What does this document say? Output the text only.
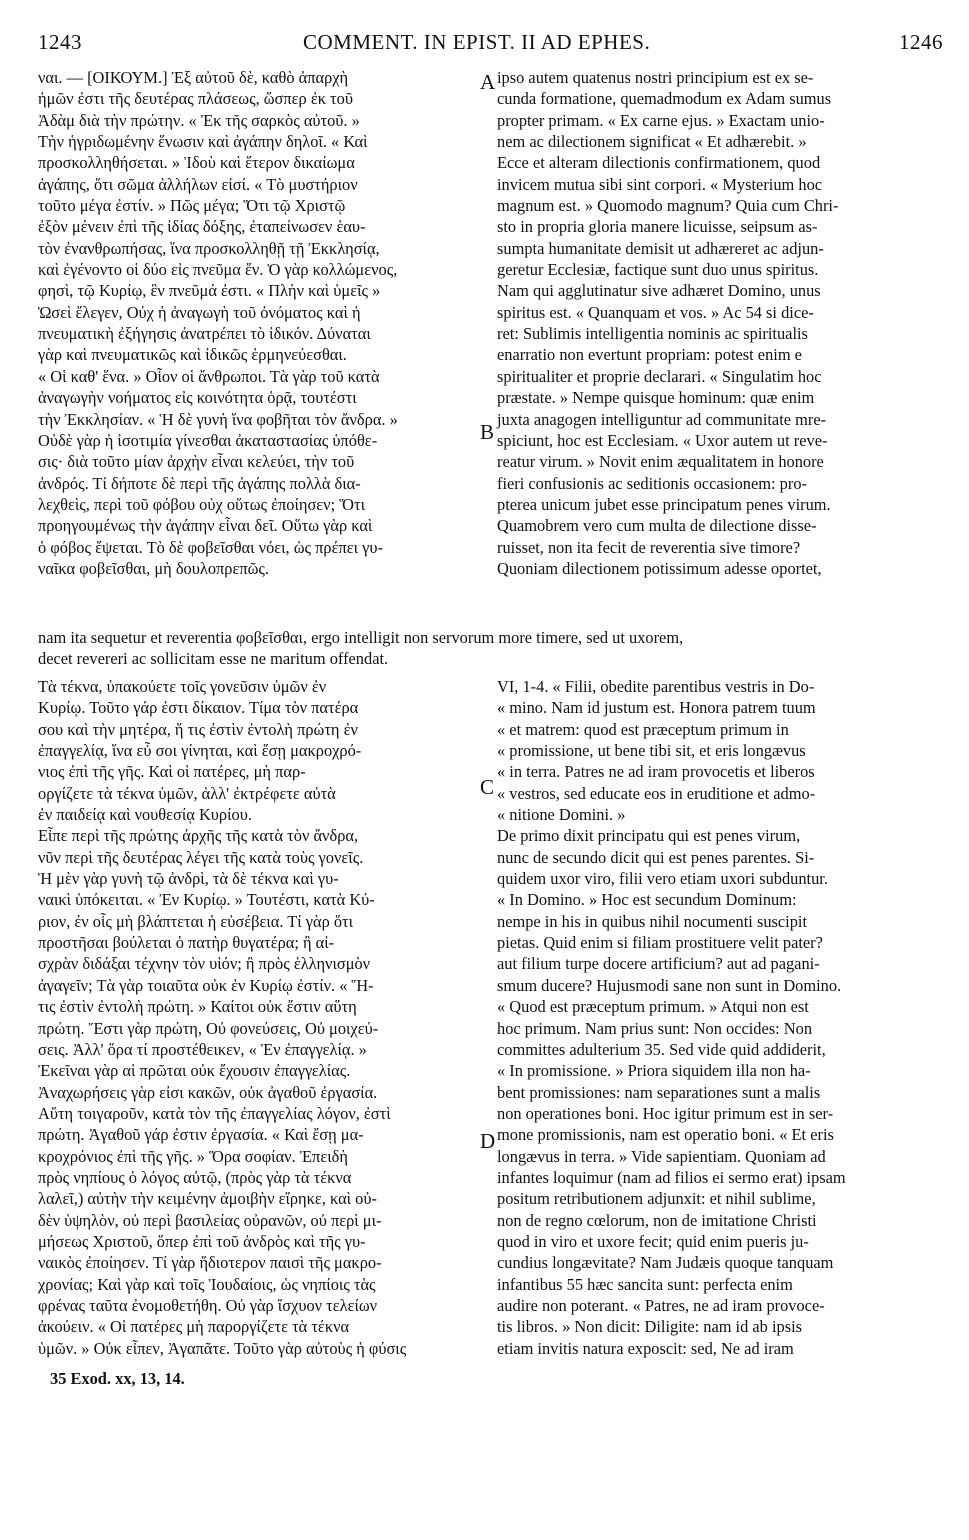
1243	COMMENT. IN EPIST. II AD EPHES.	1246
ναι. — [ΟΙΚΟΥΜ.] Ἐξ αὐτοῦ δὲ, καθὸ ἀπαρχὴ
ἡμῶν ἐστι τῆς δευτέρας πλάσεως, ὥσπερ ἐκ τοῦ
Ἀδὰμ διὰ τὴν πρώτην. « Ἐκ τῆς σαρκὸς αὐτοῦ. »
Τὴν ἡγριδωμένην ἕνωσιν καὶ ἀγάπην δηλοῖ. « Καὶ
προσκολληθήσεται. » Ἰδοὺ καὶ ἕτερον δικαίωμα
ἀγάπης, ὅτι σῶμα ἀλλήλων εἰσί. « Τὸ μυστήριον
τοῦτο μέγα ἐστίν. » Πῶς μέγα; Ὅτι τῷ Χριστῷ
ἐξὸν μένειν ἐπὶ τῆς ἰδίας δόξης, ἐταπείνωσεν ἑαυ-
τὸν ἐνανθρωπήσας, ἵνα προσκολληθῇ τῇ Ἐκκλησίᾳ,
καὶ ἐγένοντο οἱ δύο εἰς πνεῦμα ἕν. Ὁ γὰρ κολλώμενος,
φησὶ, τῷ Κυρίῳ, ἓν πνεῦμά ἐστι. « Πλὴν καὶ ὑμεῖς »
Ὡσεὶ ἔλεγεν, Οὐχ ἡ ἀναγωγὴ τοῦ ὀνόματος καὶ ἡ
πνευματικὴ ἐξήγησις ἀνατρέπει τὸ ἰδικόν. Δύναται
γὰρ καὶ πνευματικῶς καὶ ἰδικῶς ἑρμηνεύεσθαι.
« Οἱ καθ' ἕνα. » Οἷον οἱ ἄνθρωποι. Τὰ γὰρ τοῦ κατὰ
ἀναγωγὴν νοήματος εἰς κοινότητα ὁρᾷ, τουτέστι
τὴν Ἐκκλησίαν. « Ἡ δὲ γυνὴ ἵνα φοβῆται τὸν ἄνδρα. »
Οὐδὲ γὰρ ἡ ἰσοτιμία γίνεσθαι ἀκαταστασίας ὑπόθε-
σις· διὰ τοῦτο μίαν ἀρχὴν εἶναι κελεύει, τὴν τοῦ
ἀνδρός. Τί δήποτε δὲ περὶ τῆς ἀγάπης πολλὰ δια-
λεχθεὶς, περὶ τοῦ φόβου οὐχ οὕτως ἐποίησεν; Ὅτι
προηγουμένως τὴν ἀγάπην εἶναι δεῖ. Οὕτω γὰρ καὶ
ὁ φόβος ἕψεται. Τὸ δὲ φοβεῖσθαι νόει, ὡς πρέπει γυ-
ναῖκα φοβεῖσθαι, μὴ δουλοπρεπῶς.
ipso autem quatenus nostri principium est ex se-
cunda formatione, quemadmodum ex Adam sumus
propter primam. « Ex carne ejus. » Exactam unio-
nem ac dilectionem significat « Et adhærebit. »
Ecce et alteram dilectionis confirmationem, quod
invicem mutua sibi sint corpori. « Mysterium hoc
magnum est. » Quomodo magnum? Quia cum Chri-
sto in propria gloria manere licuisse, seipsum as-
sumpta humanitate demisit ut adhæreret ac adjun-
geretur Ecclesiæ, factique sunt duo unus spiritus.
Nam qui agglutinatur sive adhæret Domino, unus
spiritus est. « Quanquam et vos. » Ac 54 si dice-
ret: Sublimis intelligentia nominis ac spiritualis
enarratio non evertunt propriam: potest enim e
spiritualiter et proprie declarari. « Singulatim hoc
præstate. » Nempe quisque hominum: quæ enim
juxta anagogen intelliguntur ad communitate mre-
spiciunt, hoc est Ecclesiam. « Uxor autem ut reve-
reatur virum. » Novit enim æqualitatem in honore
fieri confusionis ac seditionis occasionem: pro-
pterea unicum jubet esse principatum penes virum.
Quamobrem vero cum multa de dilectione disse-
ruisset, non ita fecit de reverentia sive timore?
Quoniam dilectionem potissimum adesse oportet,
nam ita sequetur et reverentia φοβεῖσθαι, ergo intelligit non servorum more timere, sed ut uxorem,
decet revereri ac sollicitam esse ne maritum offendat.
Τὰ τέκνα, ὑπακούετε τοῖς γονεῦσιν ὑμῶν ἐν
Κυρίῳ. Τοῦτο γάρ ἐστι δίκαιον. Τίμα τὸν πατέρα
σου καὶ τὴν μητέρα, ἥ τις ἐστὶν ἐντολὴ πρώτη ἐν
ἐπαγγελίᾳ, ἵνα εὖ σοι γίνηται, καὶ ἔσῃ μακροχρό-
νιος ἐπὶ τῆς γῆς. Καὶ οἱ πατέρες, μὴ παρ-
οργίζετε τὰ τέκνα ὑμῶν, ἀλλ' ἐκτρέφετε αὐτὰ
ἐν παιδείᾳ καὶ νουθεσίᾳ Κυρίου.
Εἶπε περὶ τῆς πρώτης ἀρχῆς τῆς κατὰ τὸν ἄνδρα,
νῦν περὶ τῆς δευτέρας λέγει τῆς κατὰ τοὺς γονεῖς.
Ἡ μὲν γὰρ γυνὴ τῷ ἀνδρὶ, τὰ δὲ τέκνα καὶ γυ-
ναικὶ ὑπόκειται. « Ἐν Κυρίῳ. » Τουτέστι, κατὰ Κύ-
ριον, ἐν οἷς μὴ βλάπτεται ἡ εὐσέβεια. Τί γὰρ ὅτι
προστῆσαι βούλεται ὁ πατὴρ θυγατέρα; ἢ αἰ-
σχρὰν διδάξαι τέχνην τὸν υἱόν; ἢ πρὸς ἑλληνισμὸν
ἀγαγεῖν; Τὰ γὰρ τοιαῦτα οὐκ ἐν Κυρίῳ ἐστίν. « Ἥ-
τις ἐστὶν ἐντολὴ πρώτη. » Καίτοι οὐκ ἔστιν αὕτη
πρώτη. Ἔστι γὰρ πρώτη, Οὐ φονεύσεις, Οὐ μοιχεύ-
σεις. Ἀλλ' ὅρα τί προστέθεικεν, « Ἐν ἐπαγγελίᾳ. »
Ἐκεῖναι γὰρ αἱ πρῶται οὐκ ἔχουσιν ἐπαγγελίας.
Ἀναχωρήσεις γὰρ εἰσι κακῶν, οὐκ ἀγαθοῦ ἐργασία.
Αὕτη τοιγαροῦν, κατὰ τὸν τῆς ἐπαγγελίας λόγον, ἐστὶ
πρώτη. Ἀγαθοῦ γάρ ἐστιν ἐργασία. « Καὶ ἔσῃ μα-
κροχρόνιος ἐπὶ τῆς γῆς. » Ὅρα σοφίαν. Ἐπειδὴ
πρὸς νηπίους ὁ λόγος αὐτῷ, (πρὸς γὰρ τὰ τέκνα
λαλεῖ,) αὐτὴν τὴν κειμένην ἀμοιβὴν εἴρηκε, καὶ οὐ-
δὲν ὑψηλὸν, οὐ περὶ βασιλείας οὐρανῶν, οὐ περὶ μι-
μήσεως Χριστοῦ, ὅπερ ἐπὶ τοῦ ἀνδρὸς καὶ τῆς γυ-
ναικὸς ἐποίησεν. Τί γὰρ ἥδιοτερον παισὶ τῆς μακρο-
χρονίας; Καὶ γὰρ καὶ τοῖς Ἰουδαίοις, ὡς νηπίοις τὰς
φρένας ταῦτα ἐνομοθετήθη. Οὐ γὰρ ἴσχυον τελείων
ἀκούειν. « Οἱ πατέρες μὴ παροργίζετε τὰ τέκνα
ὑμῶν. » Οὐκ εἶπεν, Ἀγαπᾶτε. Τοῦτο γὰρ αὐτοὺς ἡ φύσις
VI, 1-4. « Filii, obedite parentibus vestris in Do-
« mino. Nam id justum est. Honora patrem tuum
« et matrem: quod est præceptum primum in
« promissione, ut bene tibi sit, et eris longævus
« in terra. Patres ne ad iram provocetis et liberos
« vestros, sed educate eos in eruditione et admo-
« nitione Domini. »
De primo dixit principatu qui est penes virum,
nunc de secundo dicit qui est penes parentes. Si-
quidem uxor viro, filii vero etiam uxori subduntur.
« In Domino. » Hoc est secundum Dominum:
nempe in his in quibus nihil nocumenti suscipit
pietas. Quid enim si filiam prostituere velit pater?
aut filium turpe docere artificium? aut ad pagani-
smum ducere? Hujusmodi sane non sunt in Domino.
« Quod est præceptum primum. » Atqui non est
hoc primum. Nam prius sunt: Non occides: Non
committes adulterium 35. Sed vide quid addiderit,
« In promissione. » Priora siquidem illa non ha-
bent promissiones: nam separationes sunt a malis
non operationes boni. Hoc igitur primum est in ser-
mone promissionis, nam est operatio boni. « Et eris
longævus in terra. » Vide sapientiam. Quoniam ad
infantes loquimur (nam ad filios ei sermo erat) ipsam
positum retributionem adjunxit: et nihil sublime,
non de regno cœlorum, non de imitatione Christi
quod in viro et uxore fecit; quid enim pueris ju-
cundius longævitate? Nam Judæis quoque tanquam
infantibus 55 hæc sancita sunt: perfecta enim
audire non poterant. « Patres, ne ad iram provoce-
tis libros. » Non dicit: Diligite: nam id ab ipsis
etiam invitis natura exposcit: sed, Ne ad iram
A
B
C
D
35 Exod. xx, 13, 14.
